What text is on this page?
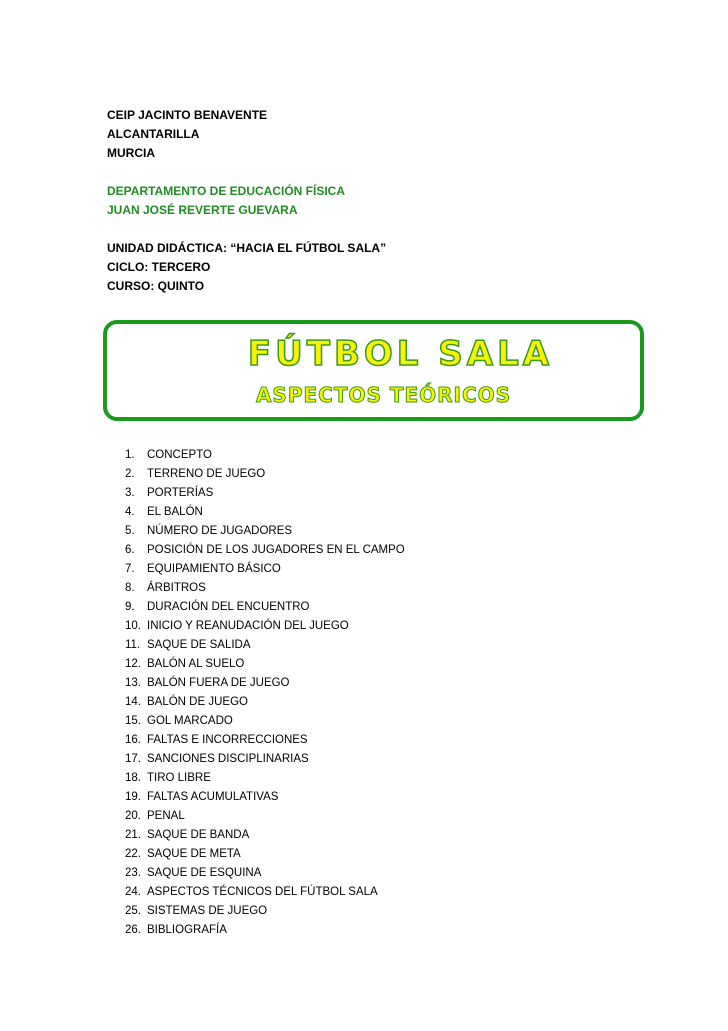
CEIP JACINTO BENAVENTE
ALCANTARILLA
MURCIA
DEPARTAMENTO DE EDUCACIÓN FÍSICA
JUAN JOSÉ REVERTE GUEVARA
UNIDAD DIDÁCTICA: “HACIA EL FÚTBOL SALA”
CICLO: TERCERO
CURSO: QUINTO
FÚTBOL SALA
ASPECTOS TEÓRICOS
1.	CONCEPTO
2.	TERRENO DE JUEGO
3.	PORTERÍAS
4.	EL BALÓN
5.	NÚMERO DE JUGADORES
6.	POSICIÓN DE LOS JUGADORES EN EL CAMPO
7.	EQUIPAMIENTO BÁSICO
8.	ÁRBITROS
9.	DURACIÓN DEL ENCUENTRO
10. INICIO Y REANUDACIÓN DEL JUEGO
11. SAQUE DE SALIDA
12. BALÓN AL SUELO
13. BALÓN FUERA DE JUEGO
14. BALÓN DE JUEGO
15. GOL MARCADO
16. FALTAS E INCORRECCIONES
17. SANCIONES DISCIPLINARIAS
18. TIRO LIBRE
19. FALTAS ACUMULATIVAS
20. PENAL
21. SAQUE DE BANDA
22. SAQUE DE META
23. SAQUE DE ESQUINA
24. ASPECTOS TÉCNICOS DEL FÚTBOL SALA
25. SISTEMAS DE JUEGO
26. BIBLIOGRAFÍA
